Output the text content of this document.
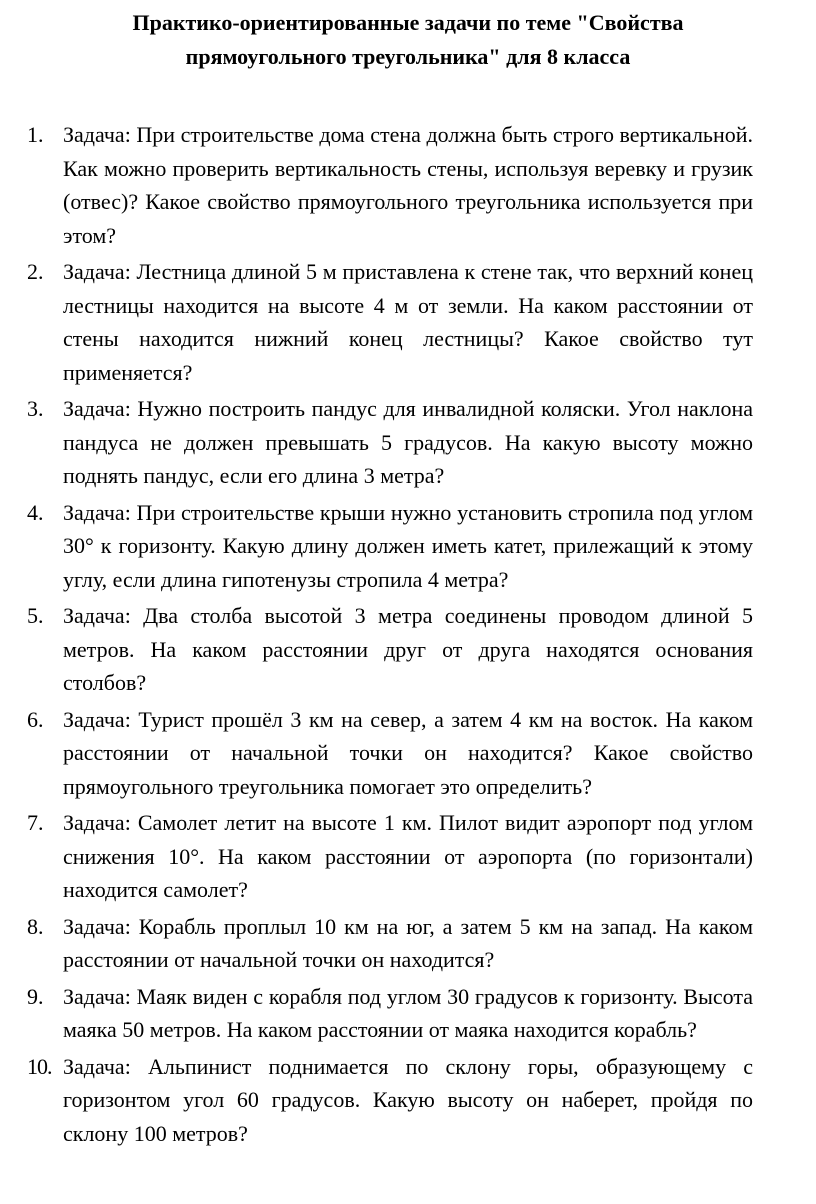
Практико-ориентированные задачи по теме "Свойства
прямоугольного треугольника" для 8 класса
1. Задача: При строительстве дома стена должна быть строго вертикальной. Как можно проверить вертикальность стены, используя веревку и грузик (отвес)? Какое свойство прямоугольного треугольника используется при этом?
2. Задача: Лестница длиной 5 м приставлена к стене так, что верхний конец лестницы находится на высоте 4 м от земли. На каком расстоянии от стены находится нижний конец лестницы? Какое свойство тут применяется?
3. Задача: Нужно построить пандус для инвалидной коляски. Угол наклона пандуса не должен превышать 5 градусов. На какую высоту можно поднять пандус, если его длина 3 метра?
4. Задача: При строительстве крыши нужно установить стропила под углом 30° к горизонту. Какую длину должен иметь катет, прилежащий к этому углу, если длина гипотенузы стропила 4 метра?
5. Задача: Два столба высотой 3 метра соединены проводом длиной 5 метров. На каком расстоянии друг от друга находятся основания столбов?
6. Задача: Турист прошёл 3 км на север, а затем 4 км на восток. На каком расстоянии от начальной точки он находится? Какое свойство прямоугольного треугольника помогает это определить?
7. Задача: Самолет летит на высоте 1 км. Пилот видит аэропорт под углом снижения 10°. На каком расстоянии от аэропорта (по горизонтали) находится самолет?
8. Задача: Корабль проплыл 10 км на юг, а затем 5 км на запад. На каком расстоянии от начальной точки он находится?
9. Задача: Маяк виден с корабля под углом 30 градусов к горизонту. Высота маяка 50 метров. На каком расстоянии от маяка находится корабль?
10. Задача: Альпинист поднимается по склону горы, образующему с горизонтом угол 60 градусов. Какую высоту он наберет, пройдя по склону 100 метров?
